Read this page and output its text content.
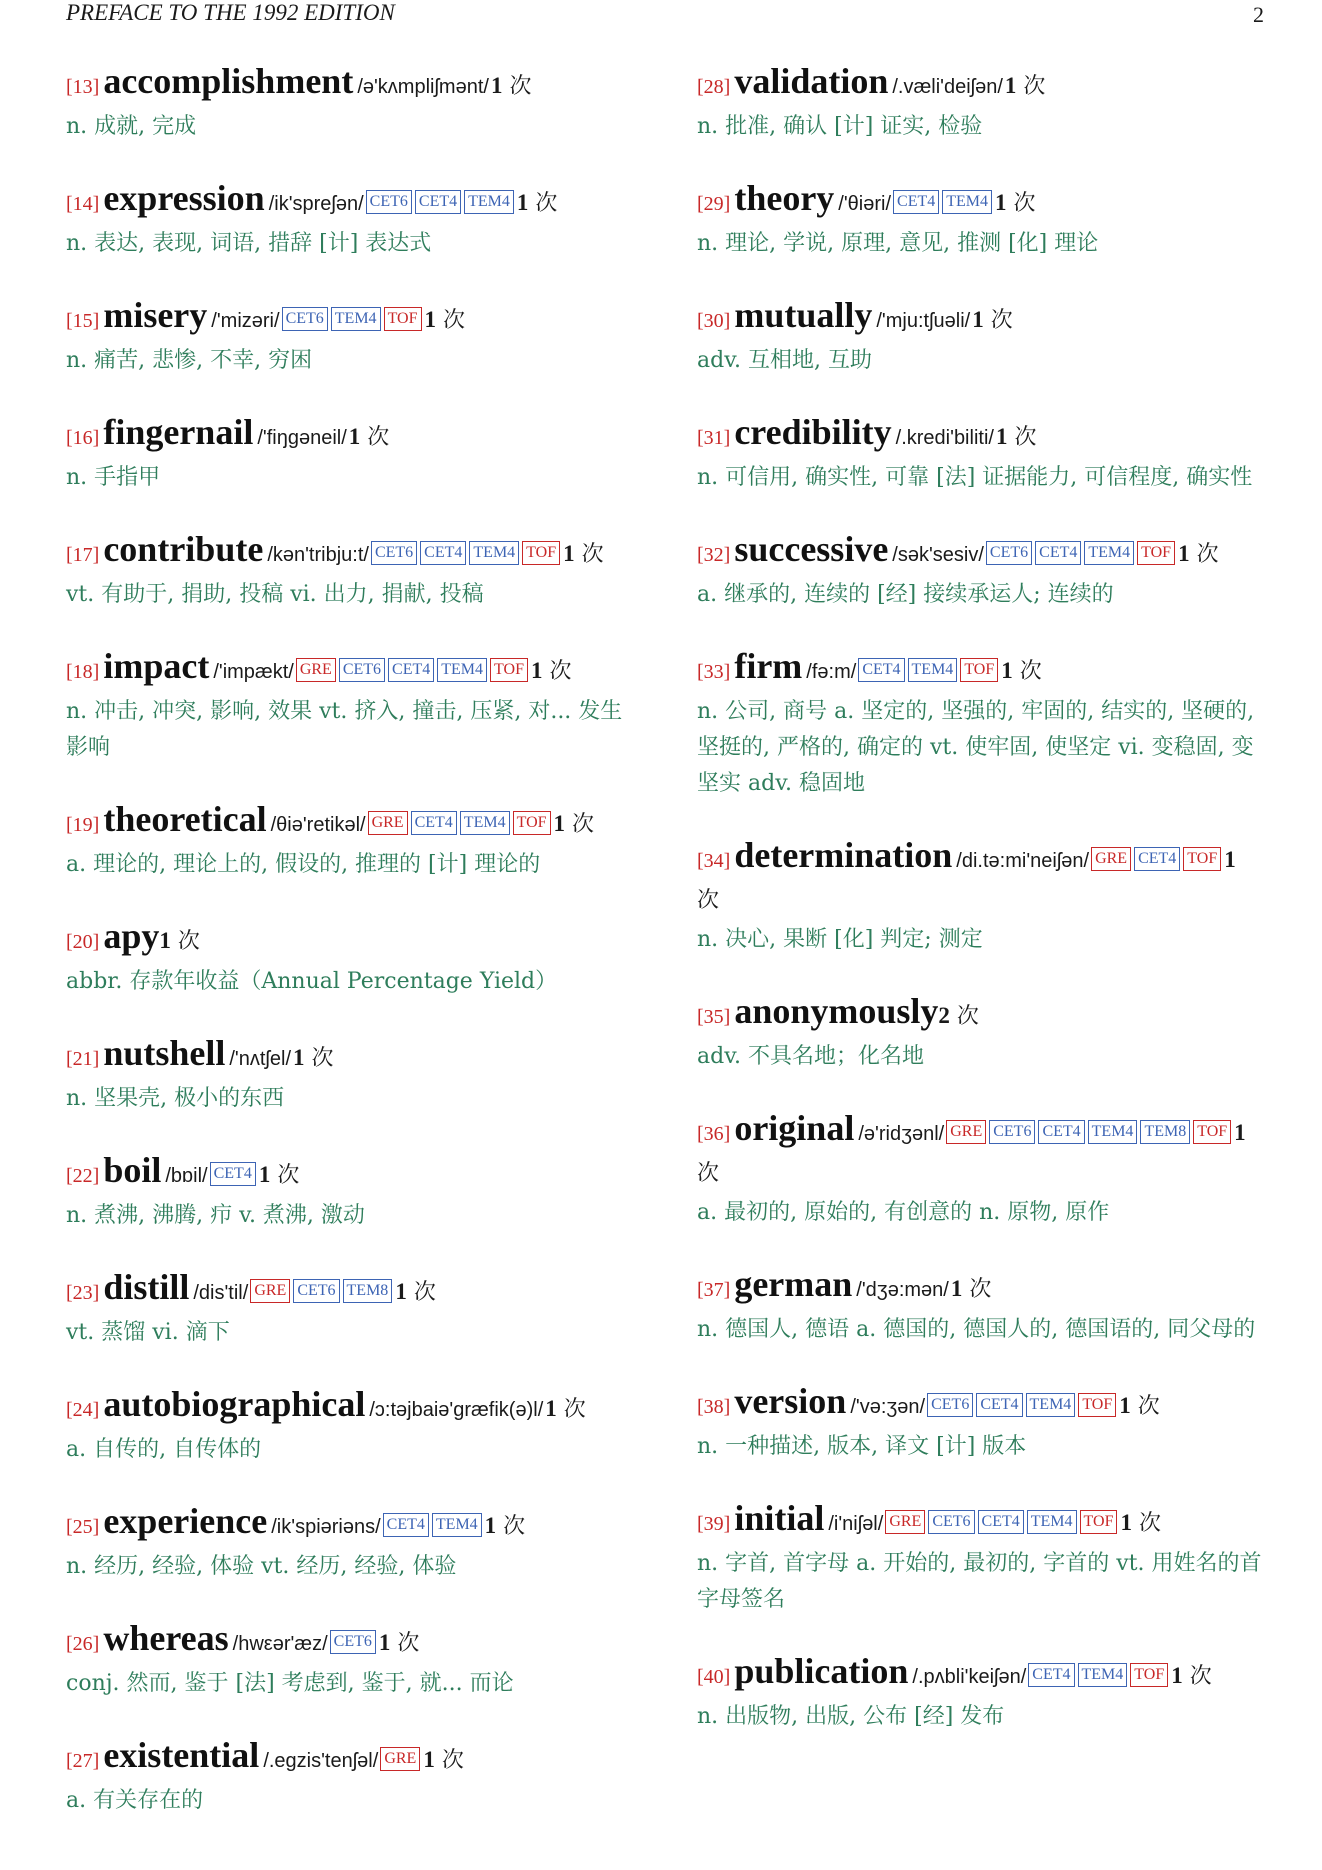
PREFACE TO THE 1992 EDITION	2
[13] accomplishment /ə'kʌmpliʃmənt/1 次
n. 成就, 完成
[14] expression /ik'spreʃən/ CET6 CET4 TEM4 1 次
n. 表达, 表现, 词语, 措辞 [计] 表达式
[15] misery /'mizəri/ CET6 TEM4 TOF 1 次
n. 痛苦, 悲惨, 不幸, 穷困
[16] fingernail /'fiŋɡəneil/1 次
n. 手指甲
[17] contribute /kən'tribju:t/ CET6 CET4 TEM4 TOF 1 次
vt. 有助于, 捐助, 投稿 vi. 出力, 捐献, 投稿
[18] impact /'impækt/ GRE CET6 CET4 TEM4 TOF 1 次
n. 冲击, 冲突, 影响, 效果 vt. 挤入, 撞击, 压紧, 对... 发生影响
[19] theoretical /θiə'retikəl/ GRE CET4 TEM4 TOF 1 次
a. 理论的, 理论上的, 假设的, 推理的 [计] 理论的
[20] apy1 次
abbr. 存款年收益（Annual Percentage Yield）
[21] nutshell /'nʌtʃel/1 次
n. 坚果壳, 极小的东西
[22] boil /bɒil/ CET4 1 次
n. 煮沸, 沸腾, 疖 v. 煮沸, 激动
[23] distill /dis'til/ GRE CET6 TEM8 1 次
vt. 蒸馏 vi. 滴下
[24] autobiographical /ɔ:təjbaiə'ɡræfik(ə)l/1 次
a. 自传的, 自传体的
[25] experience /ik'spiəriəns/ CET4 TEM4 1 次
n. 经历, 经验, 体验 vt. 经历, 经验, 体验
[26] whereas /hwεər'æz/ CET6 1 次
conj. 然而, 鉴于 [法] 考虑到, 鉴于, 就... 而论
[27] existential /.egzis'tenʃəl/ GRE 1 次
a. 有关存在的
[28] validation /.væli'deiʃən/1 次
n. 批准, 确认 [计] 证实, 检验
[29] theory /'θiəri/ CET4 TEM4 1 次
n. 理论, 学说, 原理, 意见, 推测 [化] 理论
[30] mutually /'mju:tʃuəli/1 次
adv. 互相地, 互助
[31] credibility /.kredi'biliti/1 次
n. 可信用, 确实性, 可靠 [法] 证据能力, 可信程度, 确实性
[32] successive /sək'sesiv/ CET6 CET4 TEM4 TOF 1 次
a. 继承的, 连续的 [经] 接续承运人; 连续的
[33] firm /fə:m/ CET4 TEM4 TOF 1 次
n. 公司, 商号 a. 坚定的, 坚强的, 牢固的, 结实的, 坚硬的, 坚挺的, 严格的, 确定的 vt. 使牢固, 使坚定 vi. 变稳固, 变坚实 adv. 稳固地
[34] determination /di.tə:mi'neiʃən/ GRE CET4 TOF 1 次
n. 决心, 果断 [化] 判定; 测定
[35] anonymously2 次
adv. 不具名地；化名地
[36] original /ə'ridʒənl/ GRE CET6 CET4 TEM4 TEM8 TOF 1 次
a. 最初的, 原始的, 有创意的 n. 原物, 原作
[37] german /'dʒə:mən/1 次
n. 德国人, 德语 a. 德国的, 德国人的, 德国语的, 同父母的
[38] version /'və:ʒən/ CET6 CET4 TEM4 TOF 1 次
n. 一种描述, 版本, 译文 [计] 版本
[39] initial /i'niʃəl/ GRE CET6 CET4 TEM4 TOF 1 次
n. 字首, 首字母 a. 开始的, 最初的, 字首的 vt. 用姓名的首字母签名
[40] publication /.pʌbli'keiʃən/ CET4 TEM4 TOF 1 次
n. 出版物, 出版, 公布 [经] 发布
